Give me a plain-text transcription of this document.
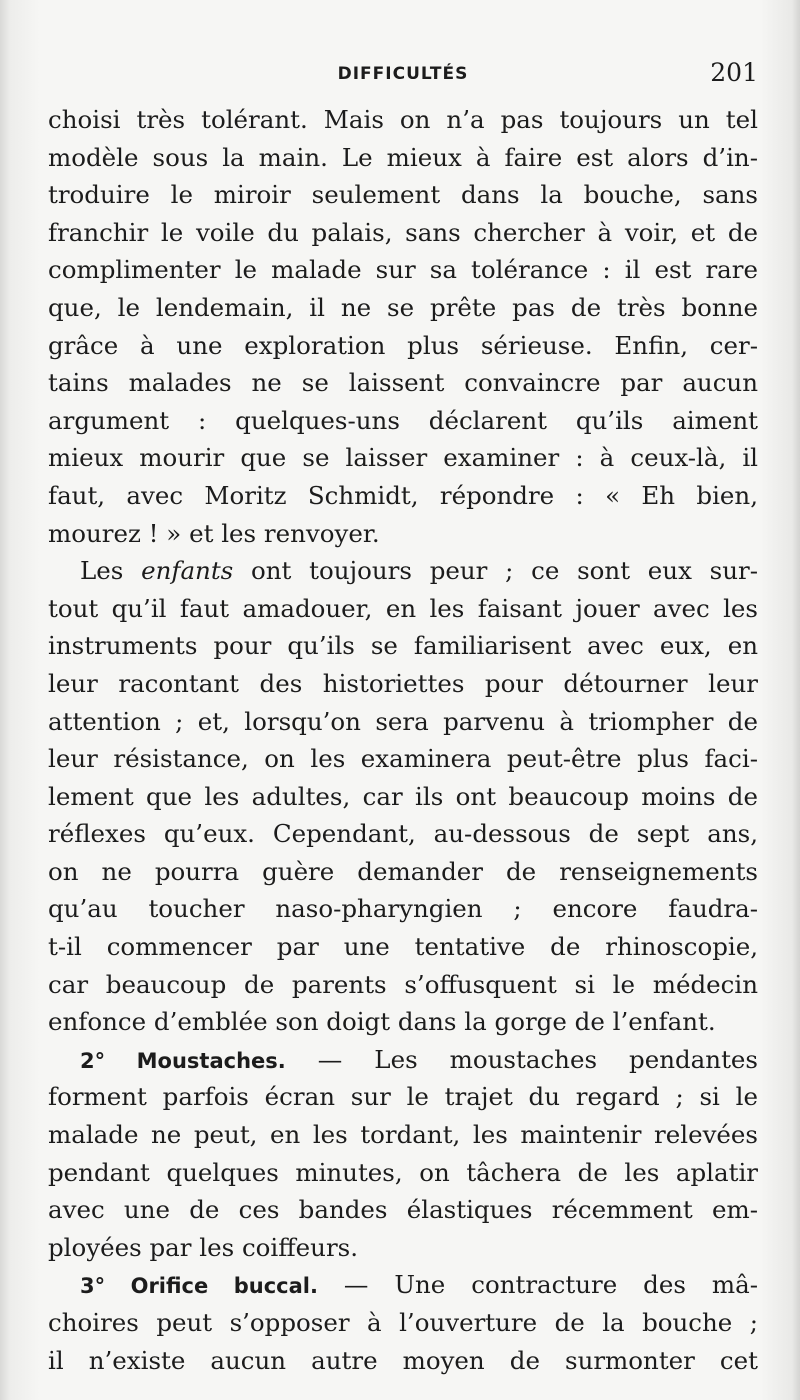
DIFFICULTÉS	201
choisi très tolérant. Mais on n’a pas toujours un tel
modèle sous la main. Le mieux à faire est alors d’in-
troduire le miroir seulement dans la bouche, sans
franchir le voile du palais, sans chercher à voir, et de
complimenter le malade sur sa tolérance : il est rare
que, le lendemain, il ne se prête pas de très bonne
grâce à une exploration plus sérieuse. Enfin, cer-
tains malades ne se laissent convaincre par aucun
argument : quelques-uns déclarent qu’ils aiment
mieux mourir que se laisser examiner : à ceux-là, il
faut, avec Moritz Schmidt, répondre : « Eh bien,
mourez ! » et les renvoyer.
Les enfants ont toujours peur ; ce sont eux sur-
tout qu’il faut amadouer, en les faisant jouer avec les
instruments pour qu’ils se familiarisent avec eux, en
leur racontant des historiettes pour détourner leur
attention ; et, lorsqu’on sera parvenu à triompher de
leur résistance, on les examinera peut-être plus faci-
lement que les adultes, car ils ont beaucoup moins de
réflexes qu’eux. Cependant, au-dessous de sept ans,
on ne pourra guère demander de renseignements
qu’au toucher naso-pharyngien ; encore faudra-
t-il commencer par une tentative de rhinoscopie,
car beaucoup de parents s’offusquent si le médecin
enfonce d’emblée son doigt dans la gorge de l’enfant.
2° Moustaches. — Les moustaches pendantes
forment parfois écran sur le trajet du regard ; si le
malade ne peut, en les tordant, les maintenir relevées
pendant quelques minutes, on tâchera de les aplatir
avec une de ces bandes élastiques récemment em-
ployées par les coiffeurs.
3° Orifice buccal. — Une contracture des mâ-
choires peut s’opposer à l’ouverture de la bouche ;
il n’existe aucun autre moyen de surmonter cet
